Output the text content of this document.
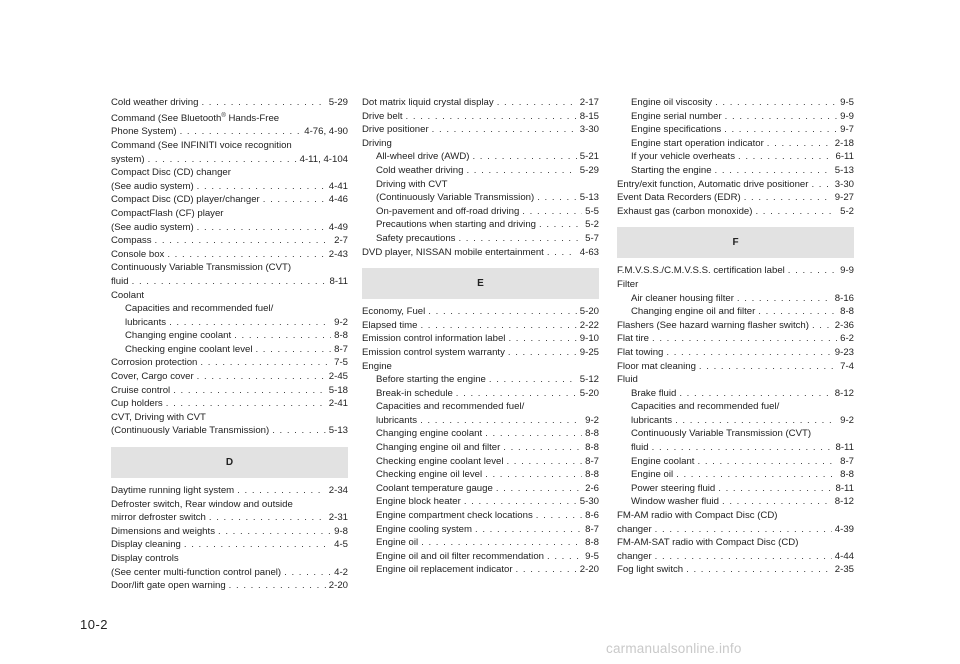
Cold weather driving . . .	5-29
Command (See Bluetooth® Hands-Free
Phone System) . . .	4-76, 4-90
Command (See INFINITI voice recognition
system) . . .	4-11, 4-104
Compact Disc (CD) changer
(See audio system) . . .	4-41
Compact Disc (CD) player/changer . . .	4-46
CompactFlash (CF) player
(See audio system) . . .	4-49
Compass . . .	2-7
Console box . . .	2-43
Continuously Variable Transmission (CVT)
fluid . . .	8-11
Coolant
Capacities and recommended fuel/
lubricants . . .	9-2
Changing engine coolant . . .	8-8
Checking engine coolant level . . .	8-7
Corrosion protection . . .	7-5
Cover, Cargo cover . . .	2-45
Cruise control . . .	5-18
Cup holders . . .	2-41
CVT, Driving with CVT
(Continuously Variable Transmission) . . .	5-13
D
Daytime running light system . . .	2-34
Defroster switch, Rear window and outside
mirror defroster switch . . .	2-31
Dimensions and weights . . .	9-8
Display cleaning . . .	4-5
Display controls
(See center multi-function control panel) . . .	4-2
Door/lift gate open warning . . .	2-20
Dot matrix liquid crystal display . . .	2-17
Drive belt . . .	8-15
Drive positioner . . .	3-30
Driving
All-wheel drive (AWD) . . .	5-21
Cold weather driving . . .	5-29
Driving with CVT
(Continuously Variable Transmission) . . .	5-13
On-pavement and off-road driving . . .	5-5
Precautions when starting and driving . . .	5-2
Safety precautions . . .	5-7
DVD player, NISSAN mobile entertainment . . .	4-63
E
Economy, Fuel . . .	5-20
Elapsed time . . .	2-22
Emission control information label . . .	9-10
Emission control system warranty . . .	9-25
Engine
Before starting the engine . . .	5-12
Break-in schedule . . .	5-20
Capacities and recommended fuel/
lubricants . . .	9-2
Changing engine coolant . . .	8-8
Changing engine oil and filter . . .	8-8
Checking engine coolant level . . .	8-7
Checking engine oil level . . .	8-8
Coolant temperature gauge . . .	2-6
Engine block heater . . .	5-30
Engine compartment check locations . . .	8-6
Engine cooling system . . .	8-7
Engine oil . . .	8-8
Engine oil and oil filter recommendation . . .	9-5
Engine oil replacement indicator . . .	2-20
Engine oil viscosity . . .	9-5
Engine serial number . . .	9-9
Engine specifications . . .	9-7
Engine start operation indicator . . .	2-18
If your vehicle overheats . . .	6-11
Starting the engine . . .	5-13
Entry/exit function, Automatic drive positioner . . .	3-30
Event Data Recorders (EDR) . . .	9-27
Exhaust gas (carbon monoxide) . . .	5-2
F
F.M.V.S.S./C.M.V.S.S. certification label . . .	9-9
Filter
Air cleaner housing filter . . .	8-16
Changing engine oil and filter . . .	8-8
Flashers (See hazard warning flasher switch) . . .	2-36
Flat tire . . .	6-2
Flat towing . . .	9-23
Floor mat cleaning . . .	7-4
Fluid
Brake fluid . . .	8-12
Capacities and recommended fuel/
lubricants . . .	9-2
Continuously Variable Transmission (CVT)
fluid . . .	8-11
Engine coolant . . .	8-7
Engine oil . . .	8-8
Power steering fluid . . .	8-11
Window washer fluid . . .	8-12
FM-AM radio with Compact Disc (CD)
changer . . .	4-39
FM-AM-SAT radio with Compact Disc (CD)
changer . . .	4-44
Fog light switch . . .	2-35
10-2
carmanualsonline.info
